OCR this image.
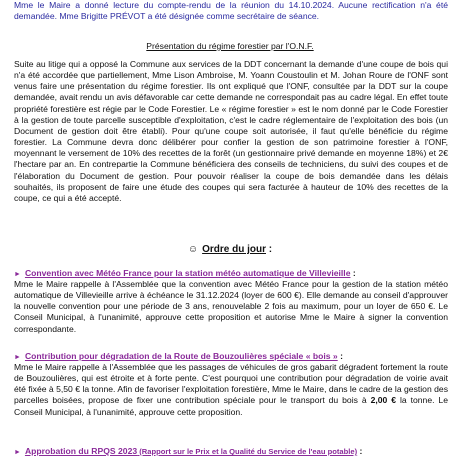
Mme le Maire a donné lecture du compte-rendu de la réunion du 14.10.2024. Aucune rectification n'a été demandée. Mme Brigitte PRÉVOT a été désignée comme secrétaire de séance.
Présentation du régime forestier par l'O.N.F.
Suite au litige qui a opposé la Commune aux services de la DDT concernant la demande d'une coupe de bois qui n'a été accordée que partiellement, Mme Lison Ambroise, M. Yoann Coustoulin et M. Johan Roure de l'ONF sont venus faire une présentation du régime forestier. Ils ont expliqué que l'ONF, consultée par la DDT sur la coupe demandée, avait rendu un avis défavorable car cette demande ne correspondait pas au cadre légal. En effet toute propriété forestière est régie par le Code Forestier. Le « régime forestier » est le nom donné par le Code Forestier à la gestion de toute parcelle susceptible d'exploitation, c'est le cadre réglementaire de l'exploitation des bois (un Document de gestion doit être établi). Pour qu'une coupe soit autorisée, il faut qu'elle bénéficie du régime forestier. La Commune devra donc délibérer pour confier la gestion de son patrimoine forestier à l'ONF, moyennant le versement de 10% des recettes de la forêt (un gestionnaire privé demande en moyenne 18%) et 2€ l'hectare par an. En contrepartie la Commune bénéficiera des conseils de techniciens, du suivi des coupes et de l'élaboration du Document de gestion. Pour pouvoir réaliser la coupe de bois demandée dans les délais souhaités, ils proposent de faire une étude des coupes qui sera facturée à hauteur de 10% des recettes de la coupe, ce qui a été accepté.
☺ Ordre du jour :
► Convention avec Météo France pour la station météo automatique de Villevieille :
Mme le Maire rappelle à l'Assemblée que la convention avec Météo France pour la gestion de la station météo automatique de Villevieille arrive à échéance le 31.12.2024 (loyer de 600 €). Elle demande au conseil d'approuver la nouvelle convention pour une période de 3 ans, renouvelable 2 fois au maximum, pour un loyer de 650 €. Le Conseil Municipal, à l'unanimité, approuve cette proposition et autorise Mme le Maire à signer la convention correspondante.
► Contribution pour dégradation de la Route de Bouzoulières spéciale « bois » :
Mme le Maire rappelle à l'Assemblée que les passages de véhicules de gros gabarit dégradent fortement la route de Bouzoulières, qui est étroite et à forte pente. C'est pourquoi une contribution pour dégradation de voirie avait été fixée à 5,50 € la tonne. Afin de favoriser l'exploitation forestière, Mme le Maire, dans le cadre de la gestion des parcelles boisées, propose de fixer une contribution spéciale pour le transport du bois à 2,00 € la tonne. Le Conseil Municipal, à l'unanimité, approuve cette proposition.
► Approbation du RPQS 2023 (Rapport sur le Prix et la Qualité du Service de l'eau potable) :
